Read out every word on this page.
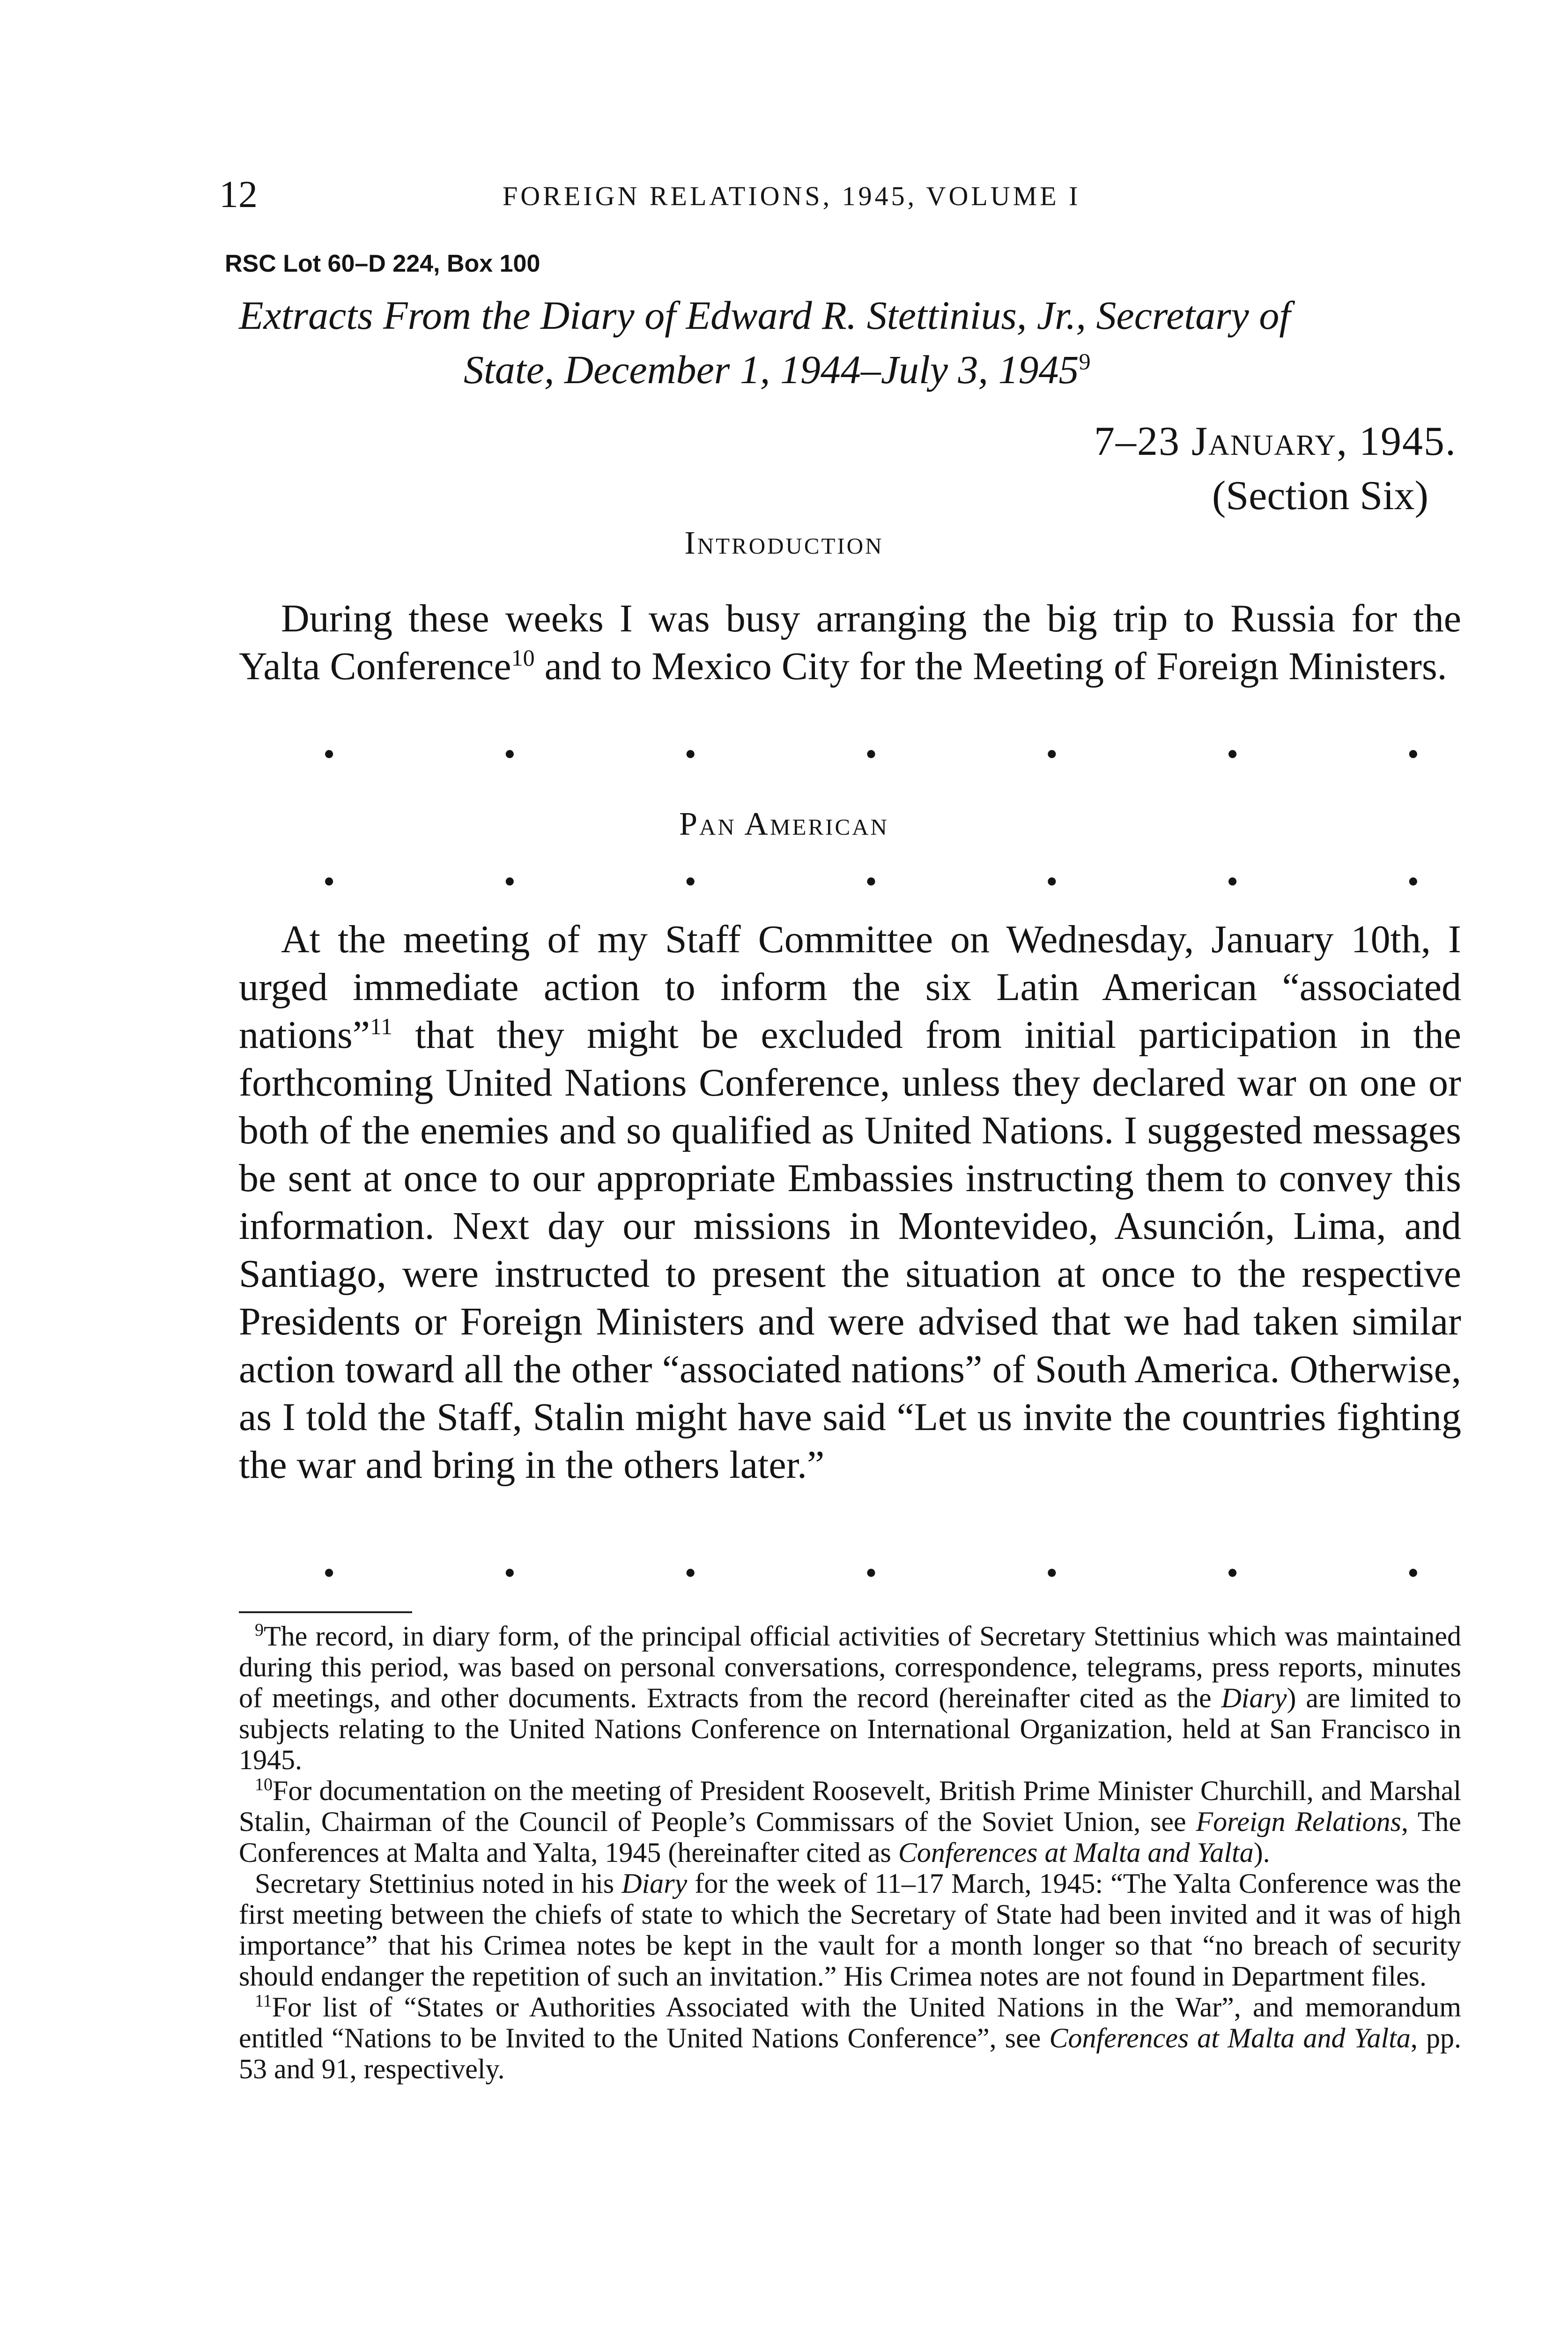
12	FOREIGN RELATIONS, 1945, VOLUME I
RSC Lot 60–D 224, Box 100
Extracts From the Diary of Edward R. Stettinius, Jr., Secretary of
State, December 1, 1944–July 3, 1945$^9$
7–23 January, 1945.
(Section Six)
Introduction
During these weeks I was busy arranging the big trip to Russia for the Yalta Conference$^{10}$ and to Mexico City for the Meeting of Foreign Ministers.
•	•	•	•	•	•	•
Pan American
•	•	•	•	•	•	•
At the meeting of my Staff Committee on Wednesday, January 10th, I urged immediate action to inform the six Latin American “associated nations”$^{11}$ that they might be excluded from initial participation in the forthcoming United Nations Conference, unless they declared war on one or both of the enemies and so qualified as United Nations. I suggested messages be sent at once to our appropriate Embassies instructing them to convey this information. Next day our missions in Montevideo, Asunción, Lima, and Santiago, were instructed to present the situation at once to the respective Presidents or Foreign Ministers and were advised that we had taken similar action toward all the other “associated nations” of South America. Otherwise, as I told the Staff, Stalin might have said “Let us invite the countries fighting the war and bring in the others later.”
•	•	•	•	•	•	•

$^9$The record, in diary form, of the principal official activities of Secretary Stettinius which was maintained during this period, was based on personal conversations, correspondence, telegrams, press reports, minutes of meetings, and other documents. Extracts from the record (hereinafter cited as the Diary) are limited to subjects relating to the United Nations Conference on International Organization, held at San Francisco in 1945.

$^{10}$For documentation on the meeting of President Roosevelt, British Prime Minister Churchill, and Marshal Stalin, Chairman of the Council of People’s Commissars of the Soviet Union, see Foreign Relations, The Conferences at Malta and Yalta, 1945 (hereinafter cited as Conferences at Malta and Yalta).

Secretary Stettinius noted in his Diary for the week of 11–17 March, 1945: “The Yalta Conference was the first meeting between the chiefs of state to which the Secretary of State had been invited and it was of high importance” that his Crimea notes be kept in the vault for a month longer so that “no breach of security should endanger the repetition of such an invitation.” His Crimea notes are not found in Department files.

$^{11}$For list of “States or Authorities Associated with the United Nations in the War”, and memorandum entitled “Nations to be Invited to the United Nations Conference”, see Conferences at Malta and Yalta, pp. 53 and 91, respectively.
